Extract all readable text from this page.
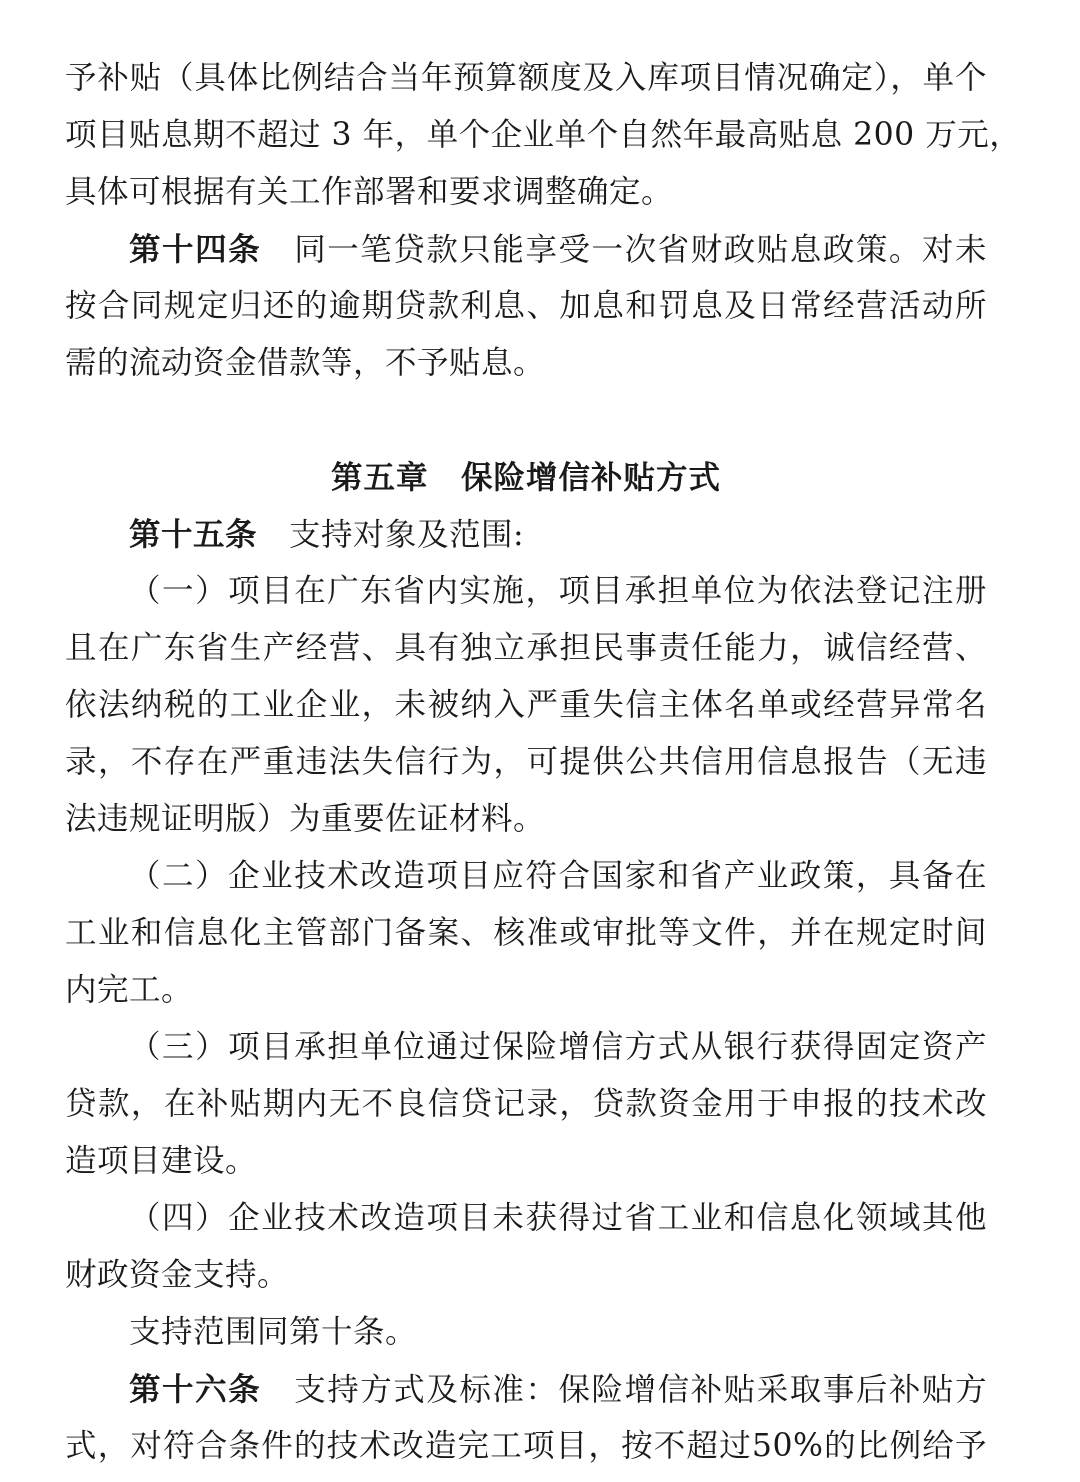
予补贴（具体比例结合当年预算额度及入库项目情况确定），单个
项目贴息期不超过 3 年，单个企业单个自然年最高贴息 200 万元，
具体可根据有关工作部署和要求调整确定。
第十四条　同一笔贷款只能享受一次省财政贴息政策。对未
按合同规定归还的逾期贷款利息、加息和罚息及日常经营活动所
需的流动资金借款等，不予贴息。
第五章　保险增信补贴方式
第十五条　支持对象及范围:
（一）项目在广东省内实施，项目承担单位为依法登记注册
且在广东省生产经营、具有独立承担民事责任能力，诚信经营、
依法纳税的工业企业，未被纳入严重失信主体名单或经营异常名
录，不存在严重违法失信行为，可提供公共信用信息报告（无违
法违规证明版）为重要佐证材料。
（二）企业技术改造项目应符合国家和省产业政策，具备在
工业和信息化主管部门备案、核准或审批等文件，并在规定时间
内完工。
（三）项目承担单位通过保险增信方式从银行获得固定资产
贷款，在补贴期内无不良信贷记录，贷款资金用于申报的技术改
造项目建设。
（四）企业技术改造项目未获得过省工业和信息化领域其他
财政资金支持。
支持范围同第十条。
第十六条　支持方式及标准：保险增信补贴采取事后补贴方
式，对符合条件的技术改造完工项目，按不超过50%的比例给予
